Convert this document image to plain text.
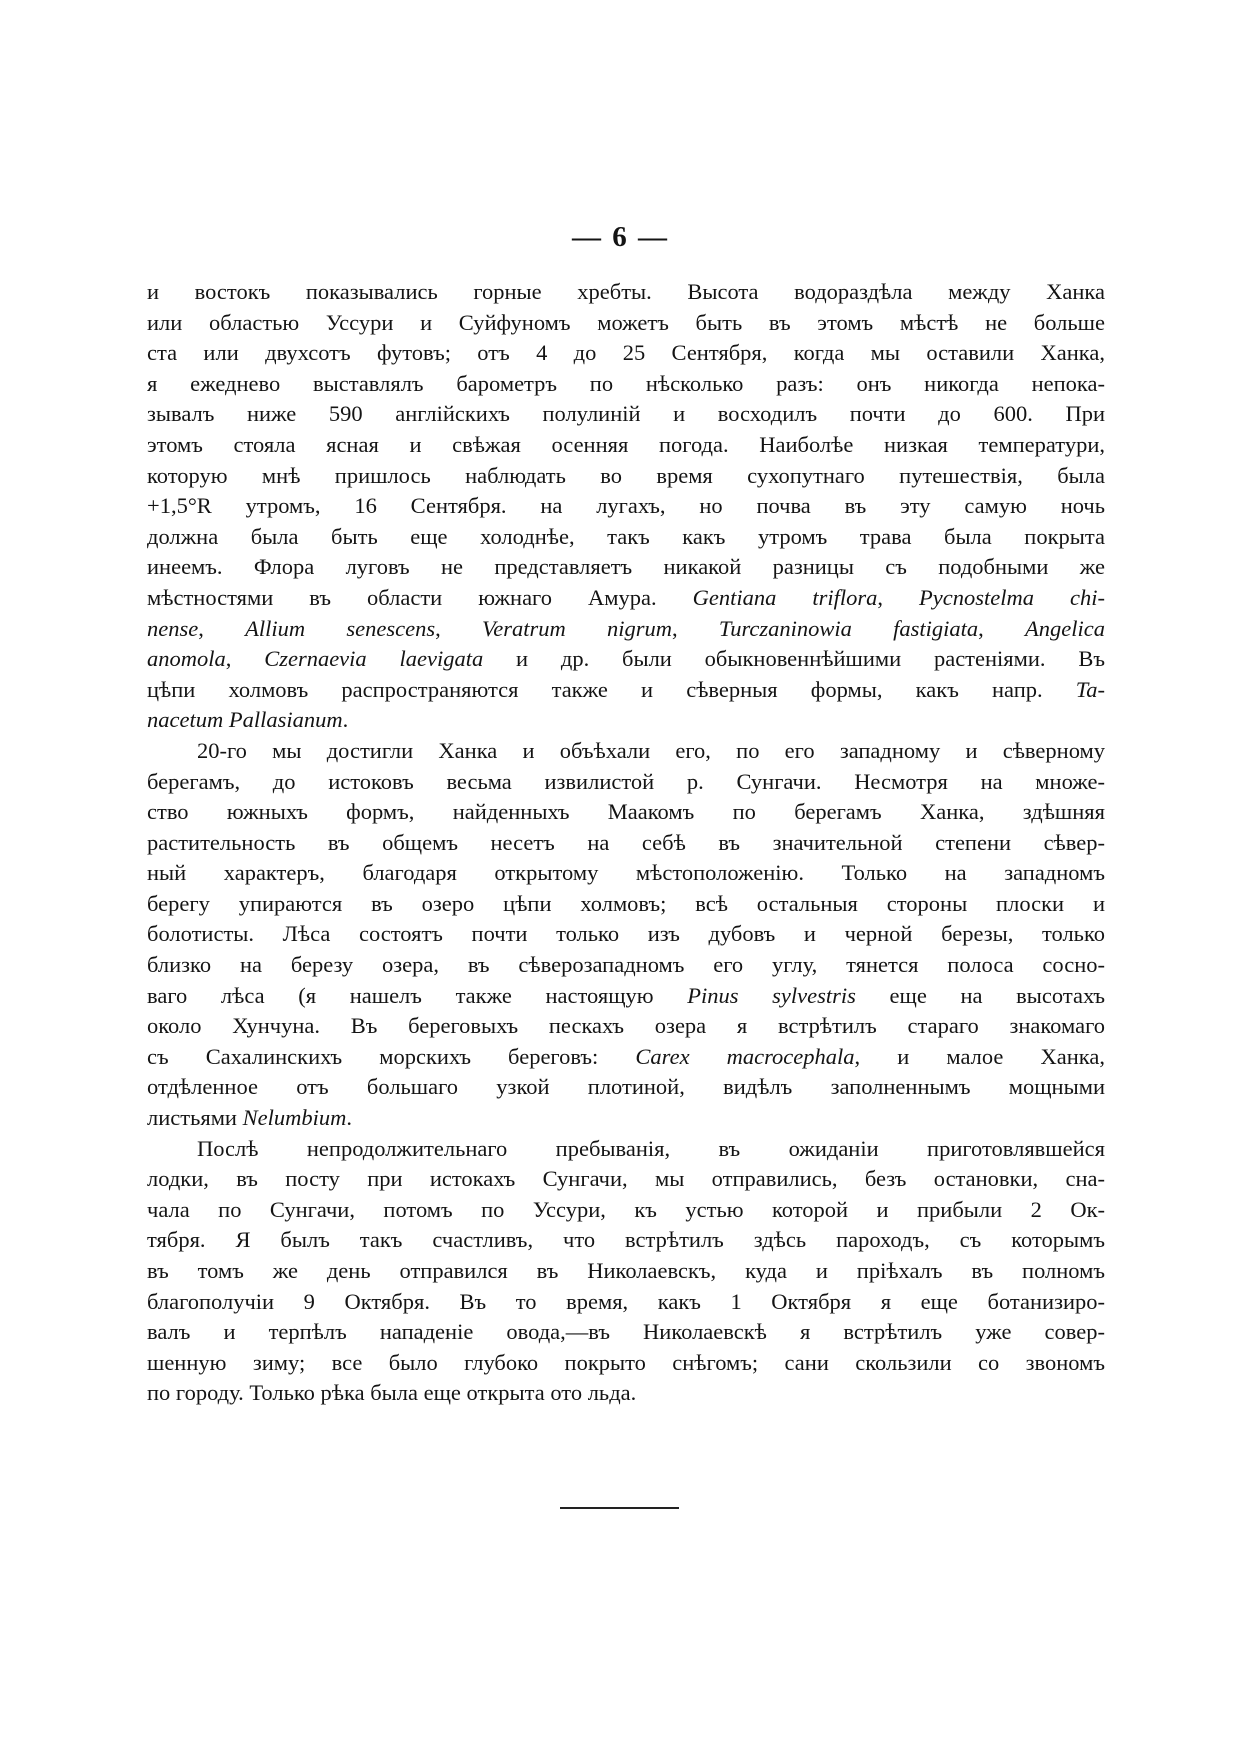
— 6 —
и востокъ показывались горные хребты. Высота водораздѣла между Ханка
или областью Уссури и Суйфуномъ можетъ быть въ этомъ мѣстѣ не больше
ста или двухсотъ футовъ; отъ 4 до 25 Сентября, когда мы оставили Ханка,
я ежеднево выставлялъ барометръ по нѣсколько разъ: онъ никогда непока-
зывалъ ниже 590 англійскихъ полулиній и восходилъ почти до 600. При
этомъ стояла ясная и свѣжая осенняя погода. Наиболѣе низкая температури,
которую мнѣ пришлось наблюдать во время сухопутнаго путешествія, была
+1,5°R утромъ, 16 Сентября. на лугахъ, но почва въ эту самую ночь
должна была быть еще холоднѣе, такъ какъ утромъ трава была покрыта
инеемъ. Флора луговъ не представляетъ никакой разницы съ подобными же
мѣстностями въ области южнаго Амура. Gentiana triflora, Pycnostelma chi-
nense, Allium senescens, Veratrum nigrum, Turczaninowia fastigiata, Angelica
anomola, Czernaevia laevigata и др. были обыкновеннѣйшими растеніями. Въ
цѣпи холмовъ распространяются также и сѣверныя формы, какъ напр. Ta-
nacetum Pallasianum.
20-го мы достигли Ханка и объѣхали его, по его западному и сѣверному
берегамъ, до истоковъ весьма извилистой р. Сунгачи. Несмотря на множе-
ство южныхъ формъ, найденныхъ Маакомъ по берегамъ Ханка, здѣшняя
растительность въ общемъ несетъ на себѣ въ значительной степени сѣвер-
ный характеръ, благодаря открытому мѣстоположенію. Только на западномъ
берегу упираются въ озеро цѣпи холмовъ; всѣ остальныя стороны плоски и
болотисты. Лѣса состоятъ почти только изъ дубовъ и черной березы, только
близко на березу озера, въ сѣверозападномъ его углу, тянется полоса сосно-
ваго лѣса (я нашелъ также настоящую Pinus sylvestris еще на высотахъ
около Хунчуна. Въ береговыхъ пескахъ озера я встрѣтилъ стараго знакомаго
съ Сахалинскихъ морскихъ береговъ: Carex macrocephala, и малое Ханка,
отдѣленное отъ большаго узкой плотиной, видѣлъ заполненнымъ мощными
листьями Nelumbium.
Послѣ непродолжительнаго пребыванія, въ ожиданіи приготовлявшейся
лодки, въ посту при истокахъ Сунгачи, мы отправились, безъ остановки, сна-
чала по Сунгачи, потомъ по Уссури, къ устью которой и прибыли 2 Ок-
тября. Я былъ такъ счастливъ, что встрѣтилъ здѣсь пароходъ, съ которымъ
въ томъ же день отправился въ Николаевскъ, куда и пріѣхалъ въ полномъ
благополучіи 9 Октября. Въ то время, какъ 1 Октября я еще ботанизиро-
валъ и терпѣлъ нападеніе овода,—въ Николаевскѣ я встрѣтилъ уже совер-
шенную зиму; все было глубоко покрыто снѣгомъ; сани скользили со звономъ
по городу. Только рѣка была еще открыта ото льда.
